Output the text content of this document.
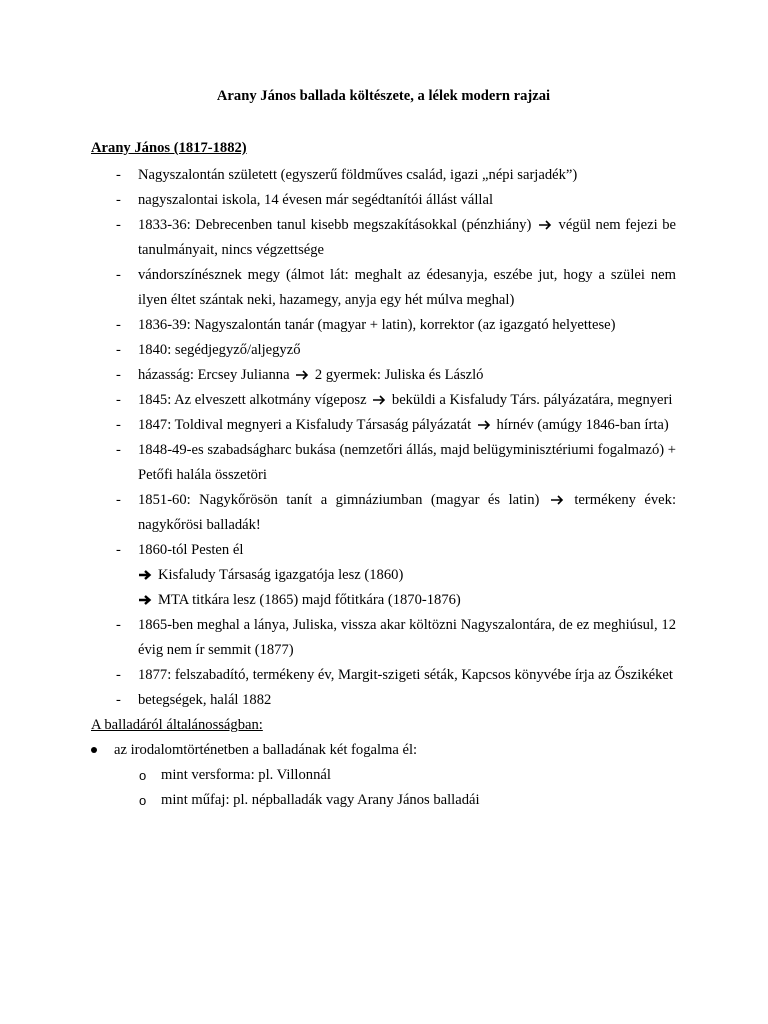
Arany János ballada költészete, a lélek modern rajzai

Arany János (1817-1882)

- Nagyszalontán született (egyszerű földműves család, igazi „népi sarjadék”)
- nagyszalontai iskola, 14 évesen már segédtanítói állást vállal
- 1833-36: Debrecenben tanul kisebb megszakításokkal (pénzhiány) végül nem fejezi be tanulmányait, nincs végzettsége
- vándorszínésznek megy (álmot lát: meghalt az édesanyja, eszébe jut, hogy a szülei nem ilyen éltet szántak neki, hazamegy, anyja egy hét múlva meghal)
- 1836-39: Nagyszalontán tanár (magyar + latin), korrektor (az igazgató helyettese)
- 1840: segédjegyző/aljegyző
- házasság: Ercsey Julianna 2 gyermek: Juliska és László
- 1845: Az elveszett alkotmány vígeposz beküldi a Kisfaludy Társ. pályázatára, megnyeri
- 1847: Toldival megnyeri a Kisfaludy Társaság pályázatát hírnév (amúgy 1846-ban írta)
- 1848-49-es szabadságharc bukása (nemzetőri állás, majd belügyminisztériumi fogalmazó) + Petőfi halála összetöri
- 1851-60: Nagykőrösön tanít a gimnáziumban (magyar és latin) termékeny évek: nagykőrösi balladák!
- 1860-tól Pesten él
Kisfaludy Társaság igazgatója lesz (1860)
MTA titkára lesz (1865) majd főtitkára (1870-1876)
- 1865-ben meghal a lánya, Juliska, vissza akar költözni Nagyszalontára, de ez meghiúsul, 12 évig nem ír semmit (1877)
- 1877: felszabadító, termékeny év, Margit-szigeti séták, Kapcsos könyvébe írja az Őszikéket
- betegségek, halál 1882

A balladáról általánosságban:

az irodalomtörténetben a balladának két fogalma él:
o mint versforma: pl. Villonnál
o mint műfaj: pl. népballadák vagy Arany János balladái
